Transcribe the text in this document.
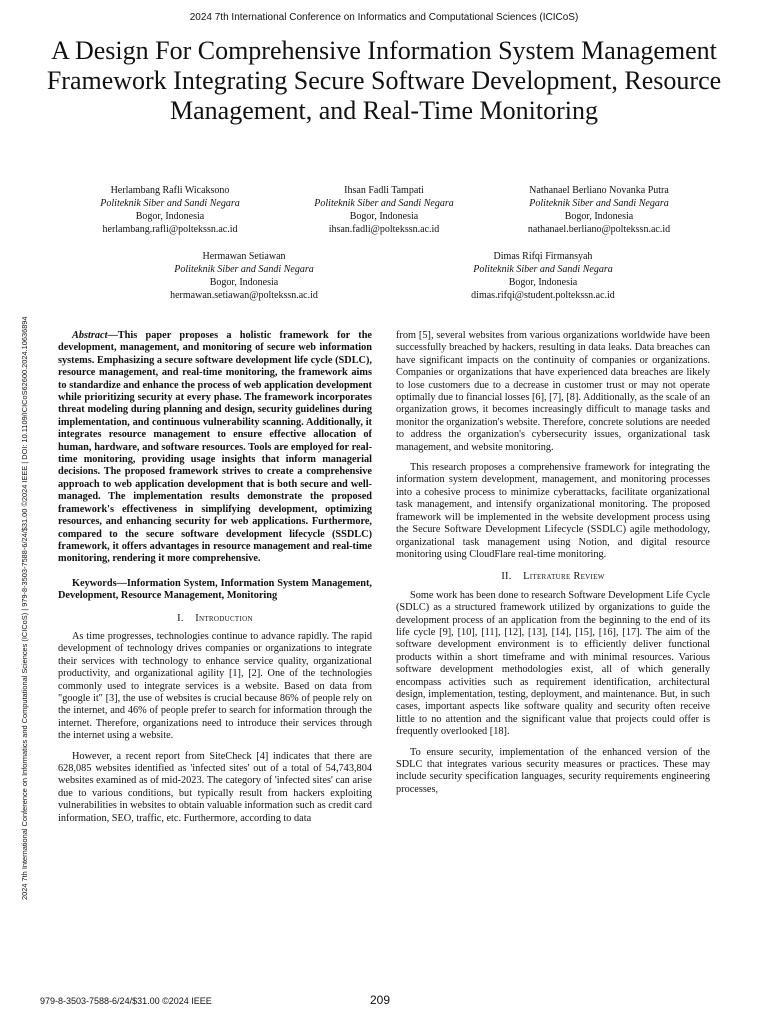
2024 7th International Conference on Informatics and Computational Sciences (ICICoS)
A Design For Comprehensive Information System Management Framework Integrating Secure Software Development, Resource Management, and Real-Time Monitoring
Herlambang Rafli Wicaksono
Politeknik Siber and Sandi Negara
Bogor, Indonesia
herlambang.rafli@poltekssn.ac.id
Ihsan Fadli Tampati
Politeknik Siber and Sandi Negara
Bogor, Indonesia
ihsan.fadli@poltekssn.ac.id
Nathanael Berliano Novanka Putra
Politeknik Siber and Sandi Negara
Bogor, Indonesia
nathanael.berliano@poltekssn.ac.id
Hermawan Setiawan
Politeknik Siber and Sandi Negara
Bogor, Indonesia
hermawan.setiawan@poltekssn.ac.id
Dimas Rifqi Firmansyah
Politeknik Siber and Sandi Negara
Bogor, Indonesia
dimas.rifqi@student.poltekssn.ac.id
2024 7th International Conference on Informatics and Computational Sciences (ICICoS) | 979-8-3503-7588-6/24/$31.00 ©2024 IEEE | DOI: 10.1109/ICICoS62600.2024.10636894	Abstract—This paper proposes a holistic framework for the development, management, and monitoring of secure web information systems. Emphasizing a secure software development life cycle (SDLC), resource management, and real-time monitoring, the framework aims to standardize and enhance the process of web application development while prioritizing security at every phase. The framework incorporates threat modeling during planning and design, security guidelines during implementation, and continuous vulnerability scanning. Additionally, it integrates resource management to ensure effective allocation of human, hardware, and software resources. Tools are employed for real-time monitoring, providing usage insights that inform managerial decisions. The proposed framework strives to create a comprehensive approach to web application development that is both secure and well-managed. The implementation results demonstrate the proposed framework's effectiveness in simplifying development, optimizing resources, and enhancing security for web applications. Furthermore, compared to the secure software development lifecycle (SSDLC) framework, it offers advantages in resource management and real-time monitoring, rendering it more comprehensive.

Keywords—Information System, Information System Management, Development, Resource Management, Monitoring

I. Introduction

As time progresses, technologies continue to advance rapidly. The rapid development of technology drives companies or organizations to integrate their services with technology to enhance service quality, organizational productivity, and organizational agility [1], [2]. One of the technologies commonly used to integrate services is a website. Based on data from "google it" [3], the use of websites is crucial because 86% of people rely on the internet, and 46% of people prefer to search for information through the internet. Therefore, organizations need to introduce their services through the internet using a website.

However, a recent report from SiteCheck [4] indicates that there are 628,085 websites identified as 'infected sites' out of a total of 54,743,804 websites examined as of mid-2023. The category of 'infected sites' can arise due to various conditions, but typically result from hackers exploiting vulnerabilities in websites to obtain valuable information such as credit card information, SEO, traffic, etc. Furthermore, according to data

from [5], several websites from various organizations worldwide have been successfully breached by hackers, resulting in data leaks. Data breaches can have significant impacts on the continuity of companies or organizations. Companies or organizations that have experienced data breaches are likely to lose customers due to a decrease in customer trust or may not operate optimally due to financial losses [6], [7], [8]. Additionally, as the scale of an organization grows, it becomes increasingly difficult to manage tasks and monitor the organization's website. Therefore, concrete solutions are needed to address the organization's cybersecurity issues, organizational task management, and website monitoring.

This research proposes a comprehensive framework for integrating the information system development, management, and monitoring processes into a cohesive process to minimize cyberattacks, facilitate organizational task management, and intensify organizational monitoring. The proposed framework will be implemented in the website development process using the Secure Software Development Lifecycle (SSDLC) agile methodology, organizational task management using Notion, and digital resource monitoring using CloudFlare real-time monitoring.

II. Literature Review

Some work has been done to research Software Development Life Cycle (SDLC) as a structured framework utilized by organizations to guide the development process of an application from the beginning to the end of its life cycle [9], [10], [11], [12], [13], [14], [15], [16], [17]. The aim of the software development environment is to efficiently deliver functional products within a short timeframe and with minimal resources. Various software development methodologies exist, all of which generally encompass activities such as requirement identification, architectural design, implementation, testing, deployment, and maintenance. But, in such cases, important aspects like software quality and security often receive little to no attention and the significant value that projects could offer is frequently overlooked [18].

To ensure security, implementation of the enhanced version of the SDLC that integrates various security measures or practices. These may include security specification languages, security requirements engineering processes,

979-8-3503-7588-6/24/$31.00 ©2024 IEEE	209
